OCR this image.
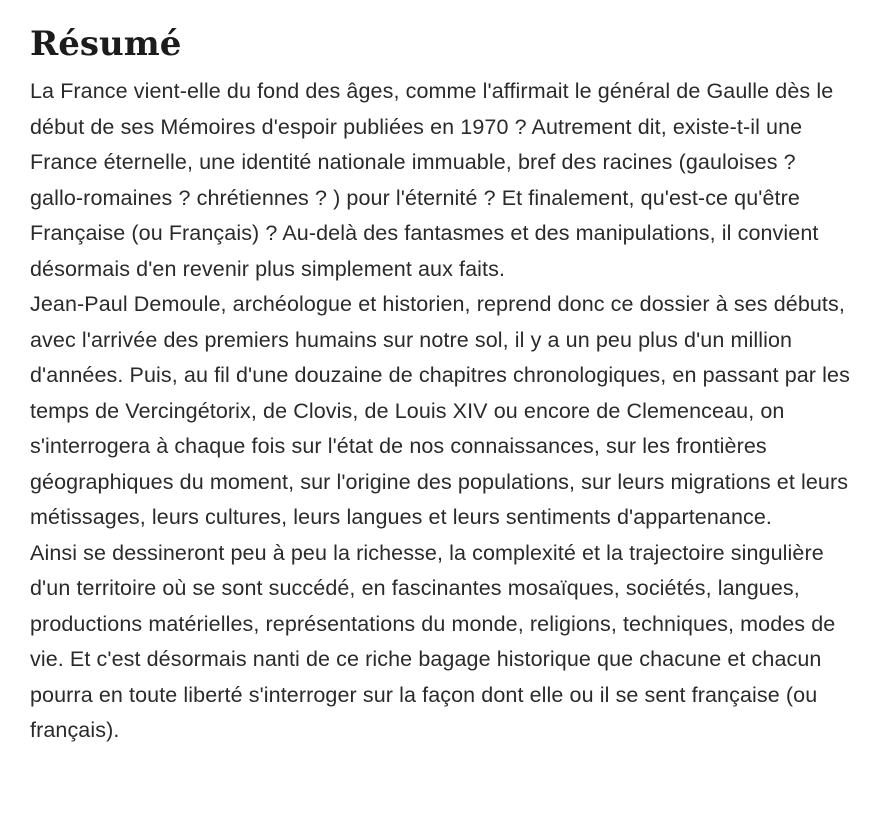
Résumé

La France vient-elle du fond des âges, comme l'affirmait le général de Gaulle dès le début de ses Mémoires d'espoir publiées en 1970 ? Autrement dit, existe-t-il une France éternelle, une identité nationale immuable, bref des racines (gauloises ? gallo-romaines ? chrétiennes ? ) pour l'éternité ? Et finalement, qu'est-ce qu'être Française (ou Français) ? Au-delà des fantasmes et des manipulations, il convient désormais d'en revenir plus simplement aux faits.

Jean-Paul Demoule, archéologue et historien, reprend donc ce dossier à ses débuts, avec l'arrivée des premiers humains sur notre sol, il y a un peu plus d'un million d'années. Puis, au fil d'une douzaine de chapitres chronologiques, en passant par les temps de Vercingétorix, de Clovis, de Louis XIV ou encore de Clemenceau, on s'interrogera à chaque fois sur l'état de nos connaissances, sur les frontières géographiques du moment, sur l'origine des populations, sur leurs migrations et leurs métissages, leurs cultures, leurs langues et leurs sentiments d'appartenance.

Ainsi se dessineront peu à peu la richesse, la complexité et la trajectoire singulière d'un territoire où se sont succédé, en fascinantes mosaïques, sociétés, langues, productions matérielles, représentations du monde, religions, techniques, modes de vie. Et c'est désormais nanti de ce riche bagage historique que chacune et chacun pourra en toute liberté s'interroger sur la façon dont elle ou il se sent française (ou français).
